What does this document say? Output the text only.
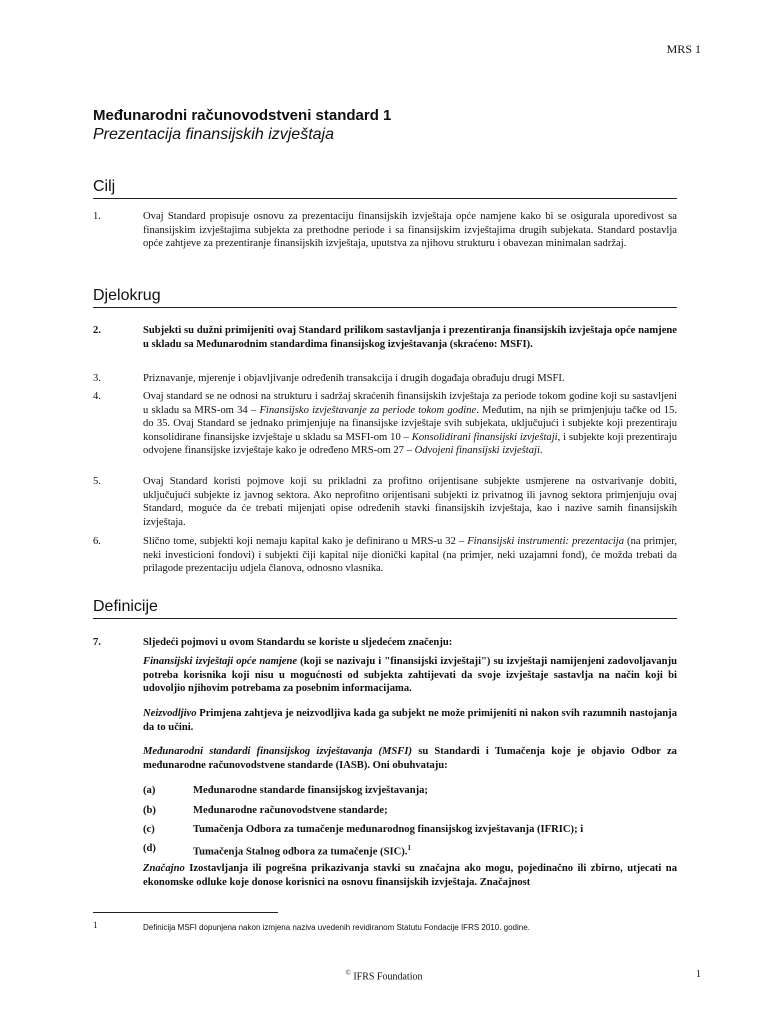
MRS 1
Međunarodni računovodstveni standard 1
Prezentacija finansijskih izvještaja
Cilj
1.	Ovaj Standard propisuje osnovu za prezentaciju finansijskih izvještaja opće namjene kako bi se osigurala uporedivost sa finansijskim izvještajima subjekta za prethodne periode i sa finansijskim izvještajima drugih subjekata. Standard postavlja opće zahtjeve za prezentiranje finansijskih izvještaja, uputstva za njihovu strukturu i obavezan minimalan sadržaj.
Djelokrug
2.	Subjekti su dužni primijeniti ovaj Standard prilikom sastavljanja i prezentiranja finansijskih izvještaja opće namjene u skladu sa Međunarodnim standardima finansijskog izvještavanja (skraćeno: MSFI).
3.	Priznavanje, mjerenje i objavljivanje određenih transakcija i drugih događaja obrađuju drugi MSFI.
4.	Ovaj standard se ne odnosi na strukturu i sadržaj skraćenih finansijskih izvještaja za periode tokom godine koji su sastavljeni u skladu sa MRS-om 34 – Finansijsko izvještavanje za periode tokom godine. Međutim, na njih se primjenjuju tačke od 15. do 35. Ovaj Standard se jednako primjenjuje na finansijske izvještaje svih subjekata, uključujući i subjekte koji prezentiraju konsolidirane finansijske izvještaje u skladu sa MSFI-om 10 – Konsolidirani finansijski izvještaji, i subjekte koji prezentiraju odvojene finansijske izvještaje kako je određeno MRS-om 27 – Odvojeni finansijski izvještaji.
5.	Ovaj Standard koristi pojmove koji su prikladni za profitno orijentisane subjekte usmjerene na ostvarivanje dobiti, uključujući subjekte iz javnog sektora. Ako neprofitno orijentisani subjekti iz privatnog ili javnog sektora primjenjuju ovaj Standard, moguće da će trebati mijenjati opise određenih stavki finansijskih izvještaja, kao i nazive samih finansijskih izvještaja.
6.	Slično tome, subjekti koji nemaju kapital kako je definirano u MRS-u 32 – Finansijski instrumenti: prezentacija (na primjer, neki investicioni fondovi) i subjekti čiji kapital nije dionički kapital (na primjer, neki uzajamni fond), će možda trebati da prilagode prezentaciju udjela članova, odnosno vlasnika.
Definicije
7.	Sljedeći pojmovi u ovom Standardu se koriste u sljedećem značenju:
Finansijski izvještaji opće namjene (koji se nazivaju i "finansijski izvještaji") su izvještaji namijenjeni zadovoljavanju potreba korisnika koji nisu u mogućnosti od subjekta zahtijevati da svoje izvještaje sastavlja na način koji bi udovoljio njihovim potrebama za posebnim informacijama.
Neizvodljivo Primjena zahtjeva je neizvodljiva kada ga subjekt ne može primijeniti ni nakon svih razumnih nastojanja da to učini.
Međunarodni standardi finansijskog izvještavanja (MSFI) su Standardi i Tumačenja koje je objavio Odbor za međunarodne računovodstvene standarde (IASB). Oni obuhvataju:
(a)	Međunarodne standarde finansijskog izvještavanja;
(b)	Međunarodne računovodstvene standarde;
(c)	Tumačenja Odbora za tumačenje međunarodnog finansijskog izvještavanja (IFRIC); i
(d)	Tumačenja Stalnog odbora za tumačenje (SIC).$^1$
Značajno Izostavljanja ili pogrešna prikazivanja stavki su značajna ako mogu, pojedinačno ili zbirno, utjecati na ekonomske odluke koje donose korisnici na osnovu finansijskih izvještaja. Značajnost
1	Definicija MSFI dopunjena nakon izmjena naziva uvedenih revidiranom Statutu Fondacije IFRS 2010. godine.
© IFRS Foundation	1
